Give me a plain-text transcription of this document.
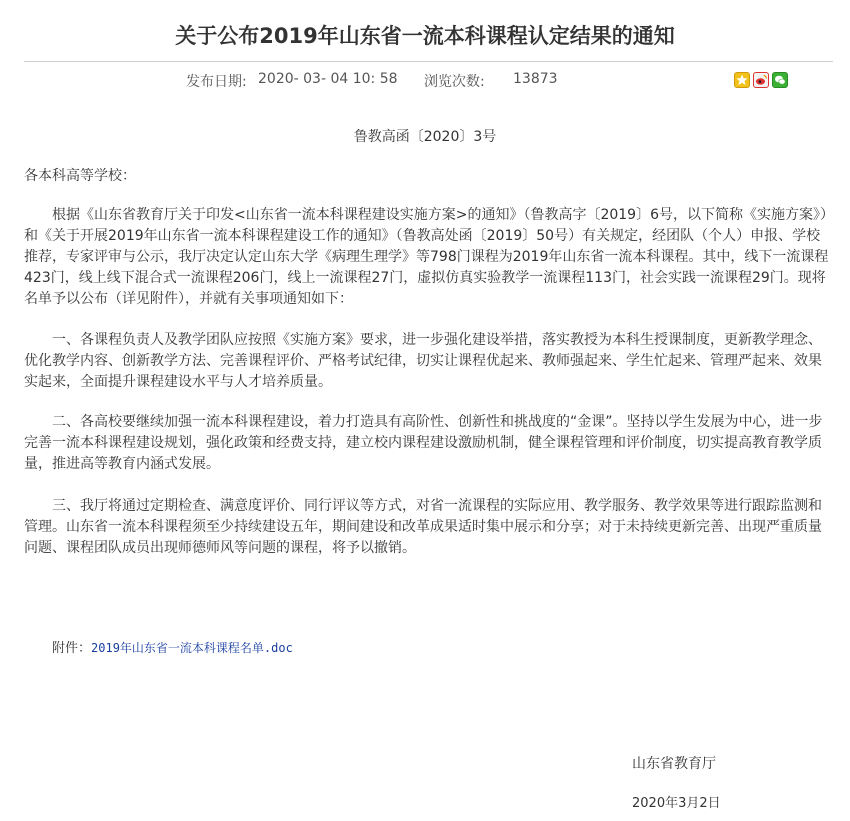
关于公布2019年山东省一流本科课程认定结果的通知
发布日期: 2020- 03- 04 10: 58 浏览次数: 13873
鲁教高函〔2020〕3号

各本科高等学校：

根据《山东省教育厅关于印发<山东省一流本科课程建设实施方案>的通知》（鲁教高字〔2019〕6号，以下简称《实施方案》）和《关于开展2019年山东省一流本科课程建设工作的通知》（鲁教高处函〔2019〕50号）有关规定，经团队（个人）申报、学校推荐，专家评审与公示，我厅决定认定山东大学《病理生理学》等798门课程为2019年山东省一流本科课程。其中，线下一流课程423门，线上线下混合式一流课程206门，线上一流课程27门，虚拟仿真实验教学一流课程113门，社会实践一流课程29门。现将名单予以公布（详见附件），并就有关事项通知如下：

一、各课程负责人及教学团队应按照《实施方案》要求，进一步强化建设举措，落实教授为本科生授课制度，更新教学理念、优化教学内容、创新教学方法、完善课程评价、严格考试纪律，切实让课程优起来、教师强起来、学生忙起来、管理严起来、效果实起来，全面提升课程建设水平与人才培养质量。

二、各高校要继续加强一流本科课程建设，着力打造具有高阶性、创新性和挑战度的“金课”。坚持以学生发展为中心，进一步完善一流本科课程建设规划，强化政策和经费支持，建立校内课程建设激励机制，健全课程管理和评价制度，切实提高教育教学质量，推进高等教育内涵式发展。

三、我厅将通过定期检查、满意度评价、同行评议等方式，对省一流课程的实际应用、教学服务、教学效果等进行跟踪监测和管理。山东省一流本科课程须至少持续建设五年，期间建设和改革成果适时集中展示和分享；对于未持续更新完善、出现严重质量问题、课程团队成员出现师德师风等问题的课程，将予以撤销。

附件：2019年山东省一流本科课程名单.doc
山东省教育厅
2020年3月2日
